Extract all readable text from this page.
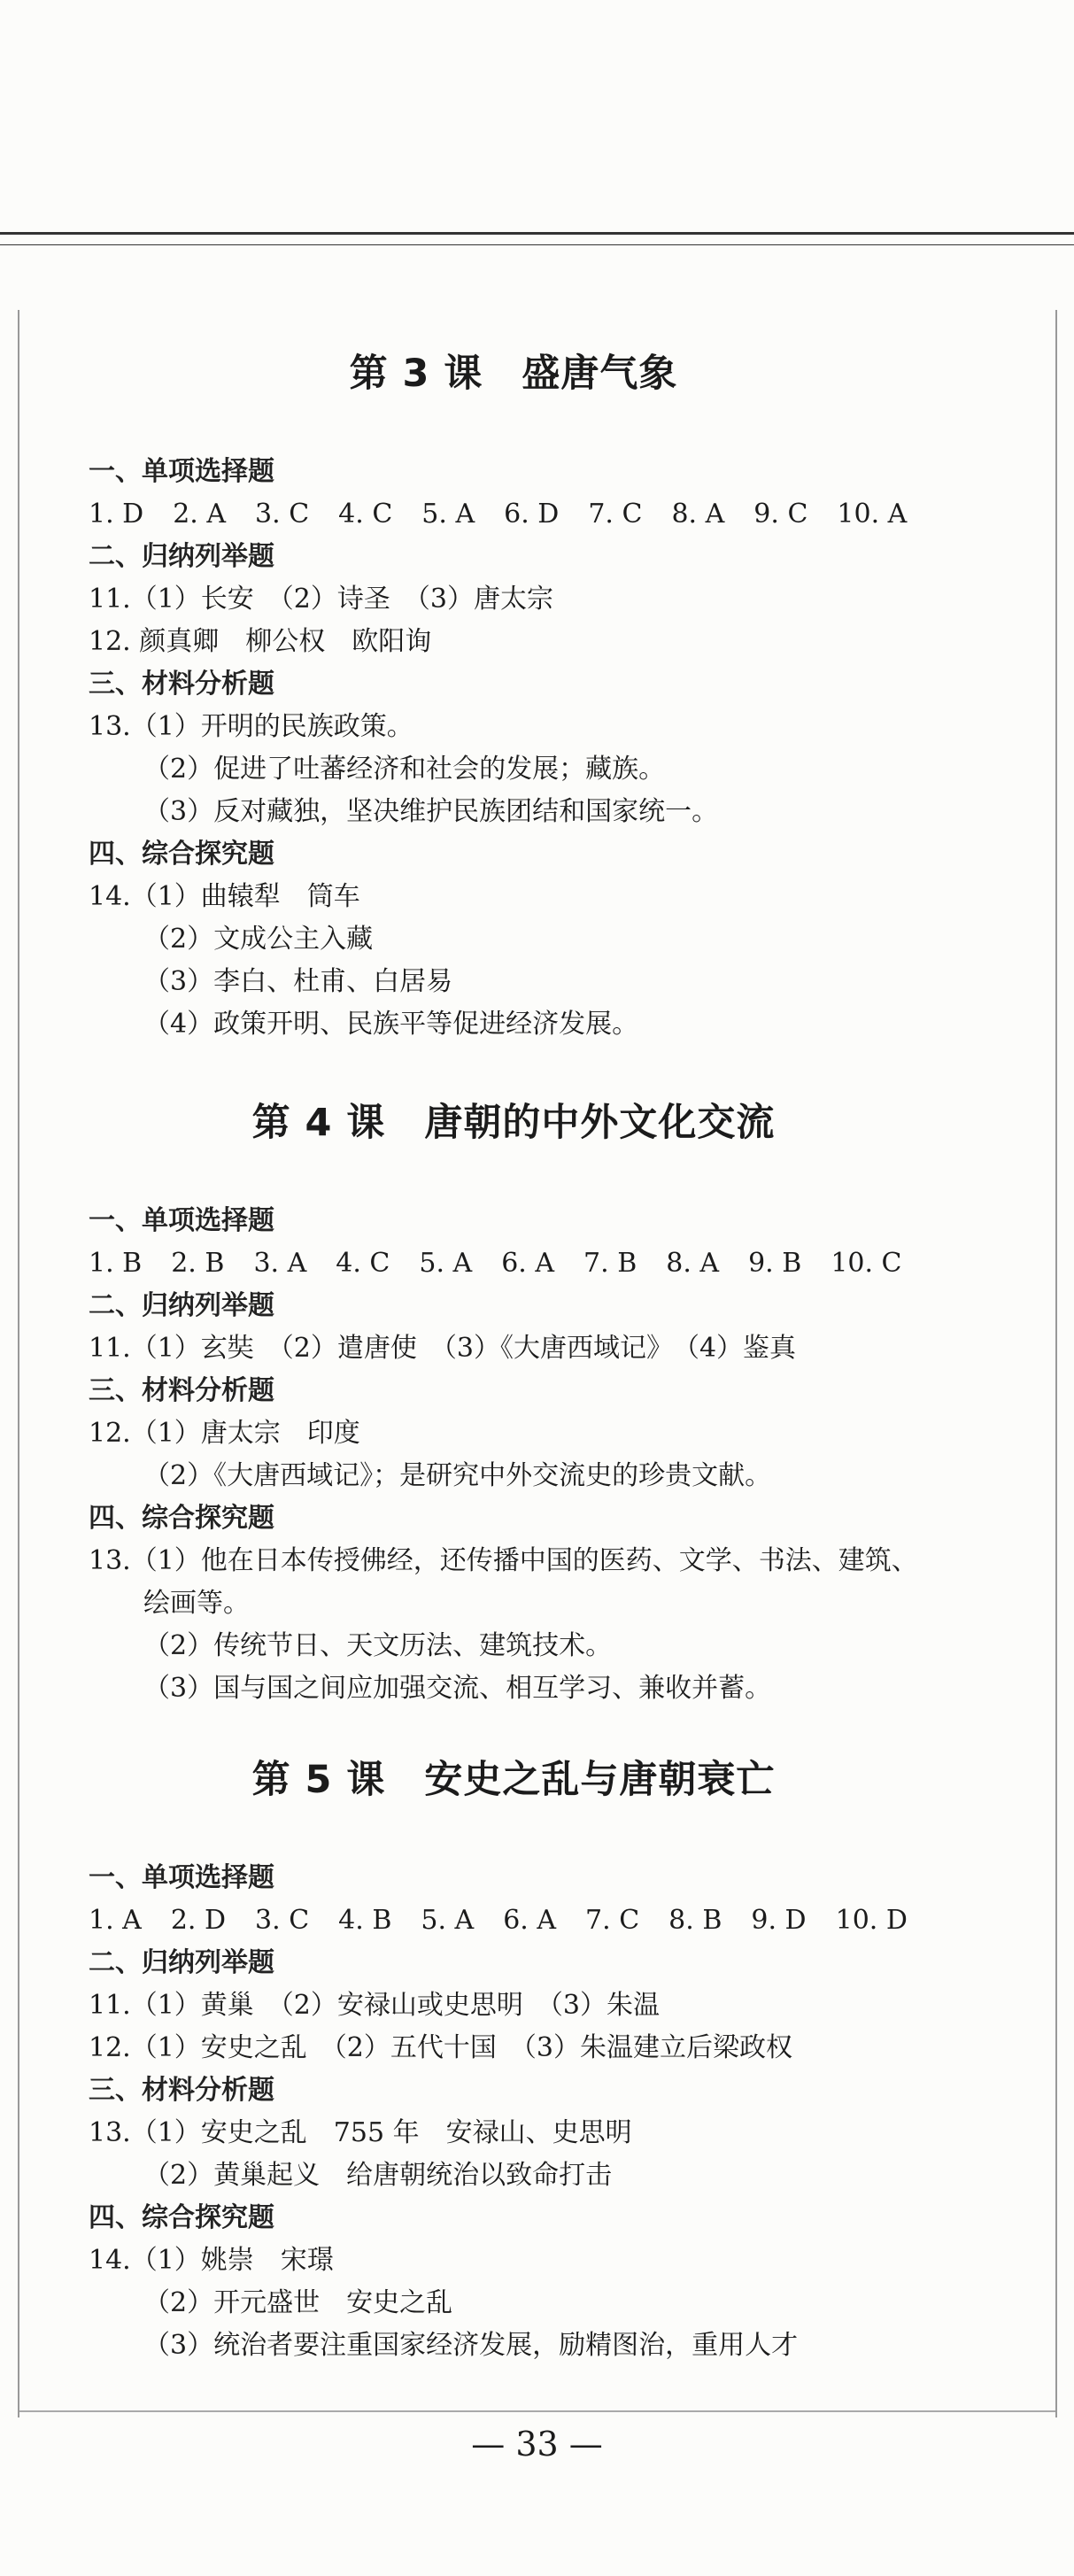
第 3 课　盛唐气象
一、单项选择题
1. D 2. A 3. C 4. C 5. A 6. D 7. C 8. A 9. C 10. A
二、归纳列举题
11.（1）长安　（2）诗圣　（3）唐太宗
12. 颜真卿　柳公权　欧阳询
三、材料分析题
13.（1）开明的民族政策。
（2）促进了吐蕃经济和社会的发展；藏族。
（3）反对藏独，坚决维护民族团结和国家统一。
四、综合探究题
14.（1）曲辕犁　筒车
（2）文成公主入藏
（3）李白、杜甫、白居易
（4）政策开明、民族平等促进经济发展。
第 4 课　唐朝的中外文化交流
一、单项选择题
1. B 2. B 3. A 4. C 5. A 6. A 7. B 8. A 9. B 10. C
二、归纳列举题
11.（1）玄奘　（2）遣唐使　（3）《大唐西域记》　（4）鉴真
三、材料分析题
12.（1）唐太宗　印度
（2）《大唐西域记》；是研究中外交流史的珍贵文献。
四、综合探究题
13.（1）他在日本传授佛经，还传播中国的医药、文学、书法、建筑、
绘画等。
（2）传统节日、天文历法、建筑技术。
（3）国与国之间应加强交流、相互学习、兼收并蓄。
第 5 课　安史之乱与唐朝衰亡
一、单项选择题
1. A 2. D 3. C 4. B 5. A 6. A 7. C 8. B 9. D 10. D
二、归纳列举题
11.（1）黄巢　（2）安禄山或史思明　（3）朱温
12.（1）安史之乱　（2）五代十国　（3）朱温建立后梁政权
三、材料分析题
13.（1）安史之乱　755 年　安禄山、史思明
（2）黄巢起义　给唐朝统治以致命打击
四、综合探究题
14.（1）姚崇　宋璟
（2）开元盛世　安史之乱
（3）统治者要注重国家经济发展，励精图治，重用人才
— 33 —
